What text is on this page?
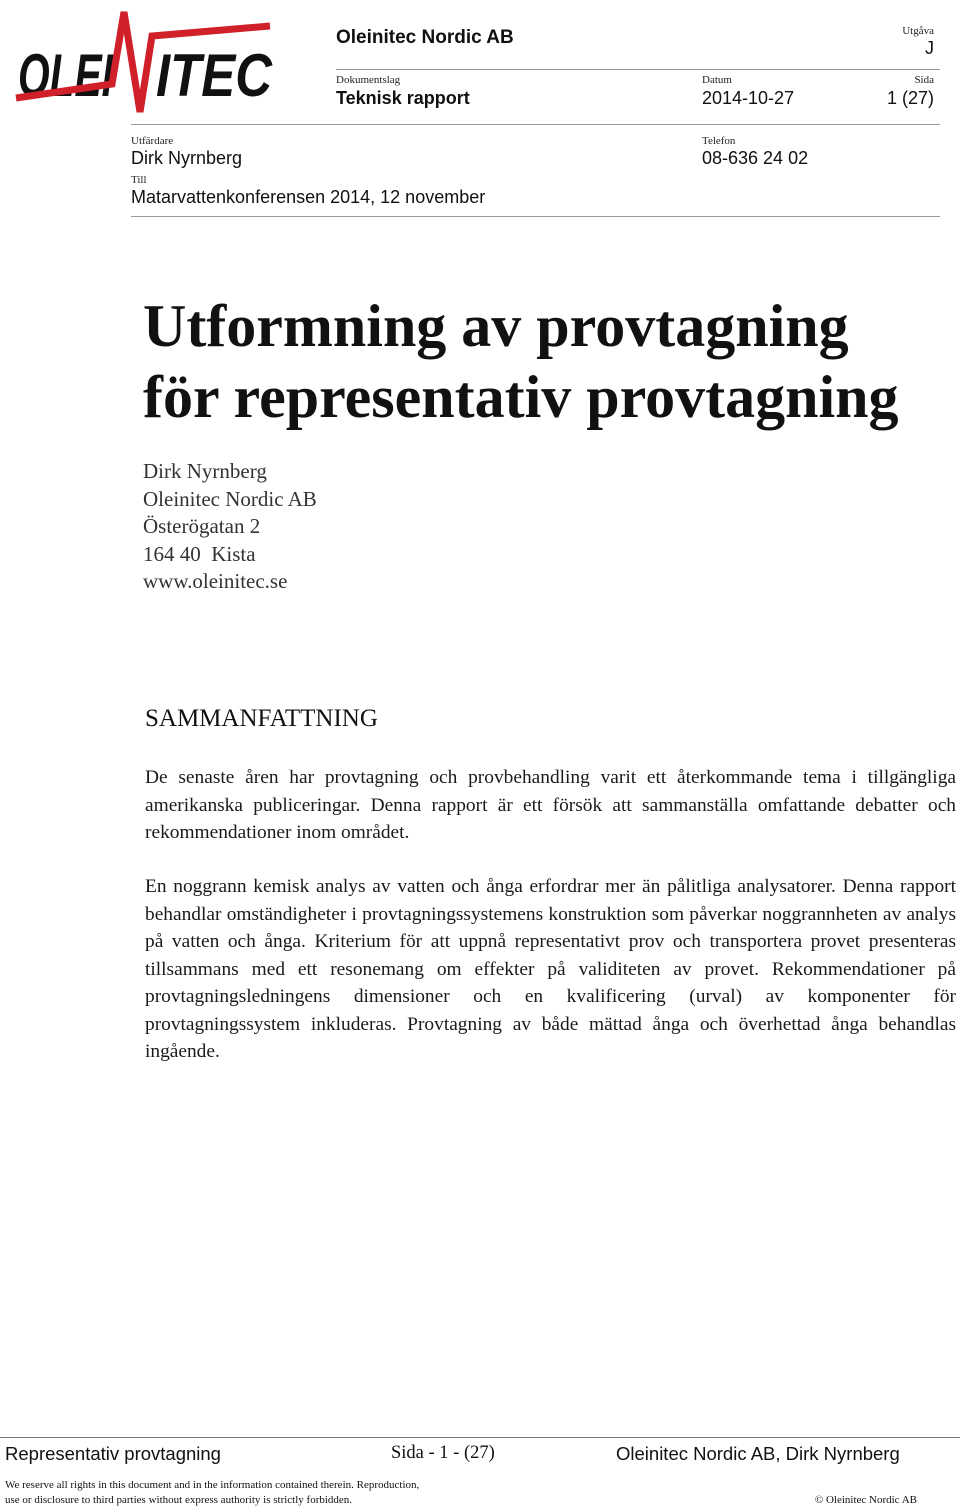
OLEI ITEC
Oleinitec Nordic AB	Utgåva
J
Dokumentslag
Teknisk rapport
Datum
2014-10-27
Sida
1 (27)
Utfärdare
Dirk Nyrnberg
Telefon
08-636 24 02
Till
Matarvattenkonferensen 2014, 12 november
Utformning av provtagning
för representativ provtagning
Dirk Nyrnberg
Oleinitec Nordic AB
Österögatan 2
164 40  Kista
www.oleinitec.se
SAMMANFATTNING
De senaste åren har provtagning och provbehandling varit ett återkommande tema i tillgängliga amerikanska publiceringar. Denna rapport är ett försök att sammanställa omfattande debatter och rekommendationer inom området.
En noggrann kemisk analys av vatten och ånga erfordrar mer än pålitliga analysatorer. Denna rapport behandlar omständigheter i provtagningssystemens konstruktion som påverkar noggrannheten av analys på vatten och ånga. Kriterium för att uppnå representativt prov och transportera provet presenteras tillsammans med ett resonemang om effekter på validiteten av provet. Rekommendationer på provtagningsledningens dimensioner och en kvalificering (urval) av komponenter för provtagningssystem inkluderas. Provtagning av både mättad ånga och överhettad ånga behandlas ingående.
Representativ provtagning	Sida - 1 - (27)	Oleinitec Nordic AB, Dirk Nyrnberg
We reserve all rights in this document and in the information contained therein. Reproduction,
use or disclosure to third parties without express authority is strictly forbidden.	© Oleinitec Nordic AB
